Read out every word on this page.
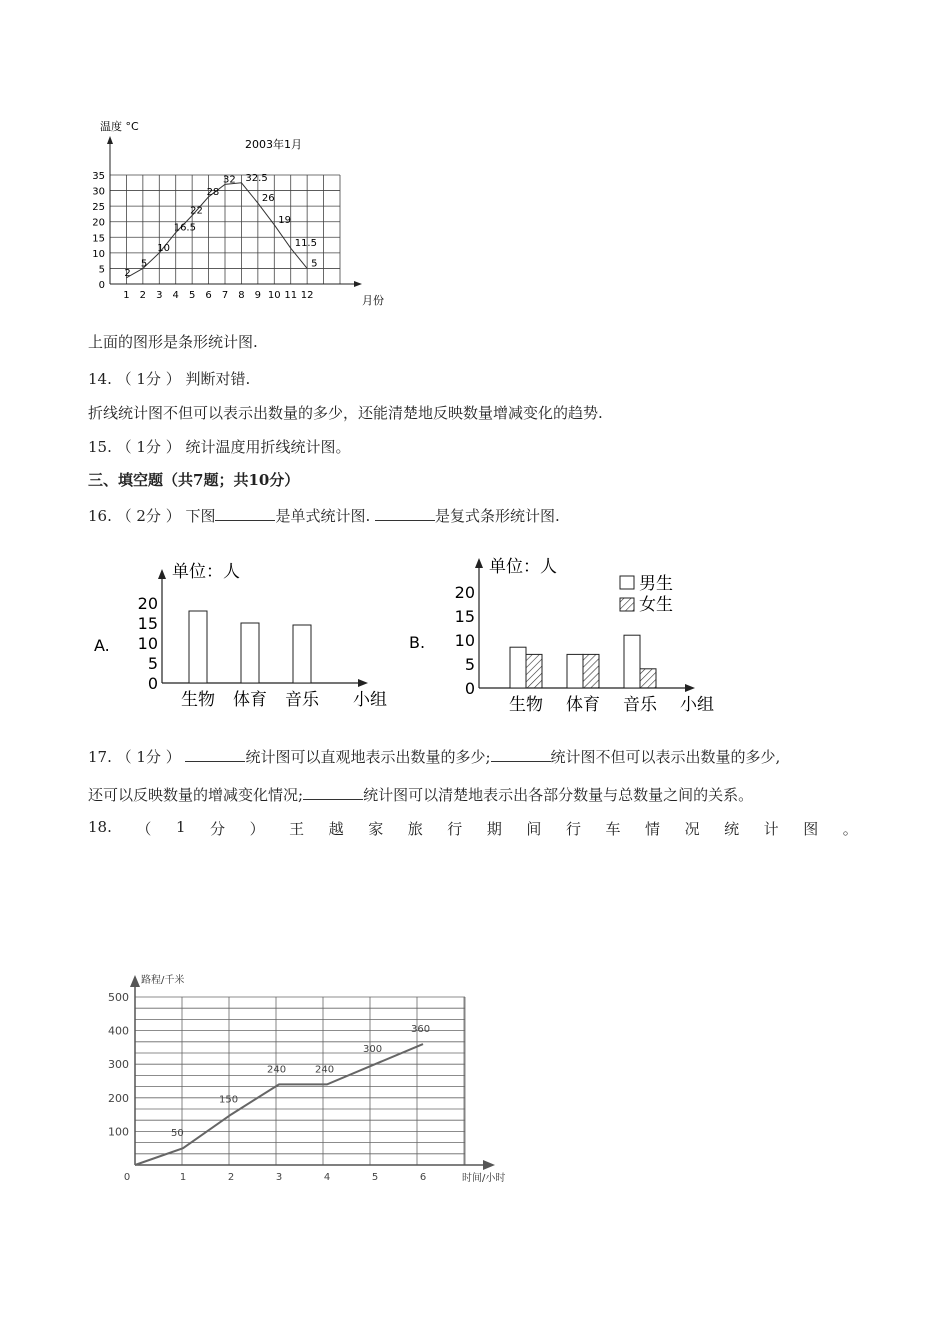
温度 °C
2003年1月
月份
0
5
10
15
20
25
30
35
1 2 3 4 5 6 7 8 9 10 11 12
2
5
10
16.5
22
28
32 32.5
26
19
11.5
5
上面的图形是条形统计图.
14. （ 1分 ） 判断对错.
折线统计图不但可以表示出数量的多少，还能清楚地反映数量增减变化的趋势.
15. （ 1分 ） 统计温度用折线统计图。
三、填空题（共7题；共10分）
16. （ 2分 ） 下图	是单式统计图.	是复式条形统计图.
A.
单位：人
0
5
10
15
20
生物 体育 音乐 小组
B.
单位：人
0
5
10
15
20
生物 体育 音乐 小组
男生
女生
17. （ 1分 ）	统计图可以直观地表示出数量的多少;	统计图不但可以表示出数量的多少,
还可以反映数量的增减变化情况;	统计图可以清楚地表示出各部分数量与总数量之间的关系。
18. （ 1 分 ） 王 越 家 旅 行 期 间 行 车 情 况 统 计 图 。
路程/千米
时间/小时
100
200
300
400
500
0	1	2	3	4	5	6
50
150
240	240
300
360
